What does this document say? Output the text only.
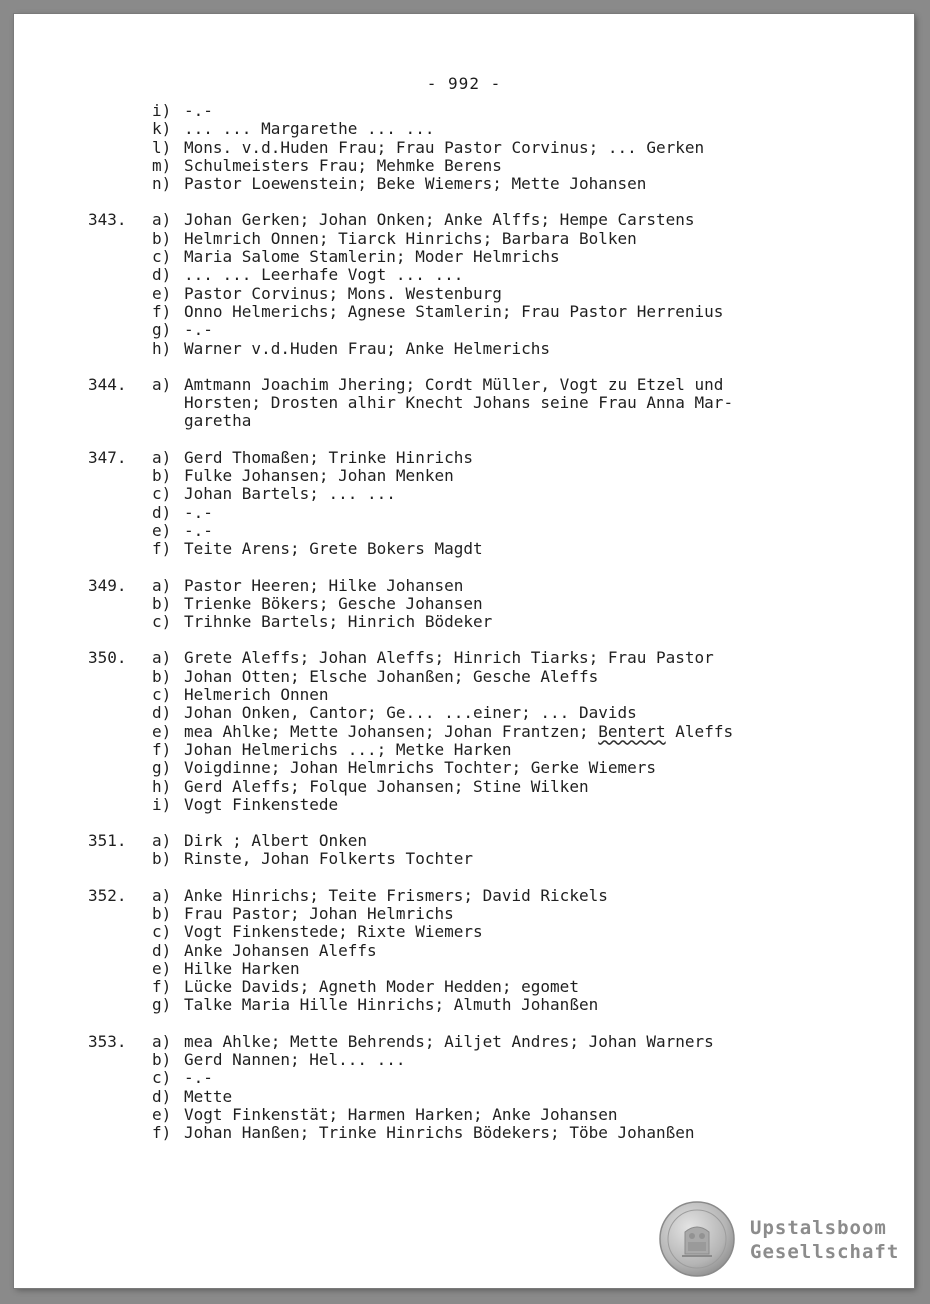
- 992 -
i) -.-
k) ... ... Margarethe ... ...
l) Mons. v.d.Huden Frau; Frau Pastor Corvinus; ... Gerken
m) Schulmeisters Frau; Mehmke Berens
n) Pastor Loewenstein; Beke Wiemers; Mette Johansen
343.	a) Johan Gerken; Johan Onken; Anke Alffs; Hempe Carstens
b) Helmrich Onnen; Tiarck Hinrichs; Barbara Bolken
c) Maria Salome Stamlerin; Moder Helmrichs
d) ... ... Leerhafe Vogt ... ...
e) Pastor Corvinus; Mons. Westenburg
f) Onno Helmerichs; Agnese Stamlerin; Frau Pastor Herrenius
g) -.-
h) Warner v.d.Huden Frau; Anke Helmerichs
344.	a) Amtmann Joachim Jhering; Cordt Müller, Vogt zu Etzel und
Horsten; Drosten alhir Knecht Johans seine Frau Anna Mar-
garetha
347.	a) Gerd Thomaßen; Trinke Hinrichs
b) Fulke Johansen; Johan Menken
c) Johan Bartels; ... ...
d) -.-
e) -.-
f) Teite Arens; Grete Bokers Magdt
349.	a) Pastor Heeren; Hilke Johansen
b) Trienke Bökers; Gesche Johansen
c) Trihnke Bartels; Hinrich Bödeker
350.	a) Grete Aleffs; Johan Aleffs; Hinrich Tiarks; Frau Pastor
b) Johan Otten; Elsche Johanßen; Gesche Aleffs
c) Helmerich Onnen
d) Johan Onken, Cantor; Ge... ...einer; ... Davids
e) mea Ahlke; Mette Johansen; Johan Frantzen; Bentert Aleffs
f) Johan Helmerichs ...; Metke Harken
g) Voigdinne; Johan Helmrichs Tochter; Gerke Wiemers
h) Gerd Aleffs; Folque Johansen; Stine Wilken
i) Vogt Finkenstede
351.	a) Dirk ; Albert Onken
b) Rinste, Johan Folkerts Tochter
352.	a) Anke Hinrichs; Teite Frismers; David Rickels
b) Frau Pastor; Johan Helmrichs
c) Vogt Finkenstede; Rixte Wiemers
d) Anke Johansen Aleffs
e) Hilke Harken
f) Lücke Davids; Agneth Moder Hedden; egomet
g) Talke Maria Hille Hinrichs; Almuth Johanßen
353.	a) mea Ahlke; Mette Behrends; Ailjet Andres; Johan Warners
b) Gerd Nannen; Hel... ...
c) -.-
d) Mette
e) Vogt Finkenstät; Harmen Harken; Anke Johansen
f) Johan Hanßen; Trinke Hinrichs Bödekers; Töbe Johanßen
Upstalsboom
Gesellschaft
